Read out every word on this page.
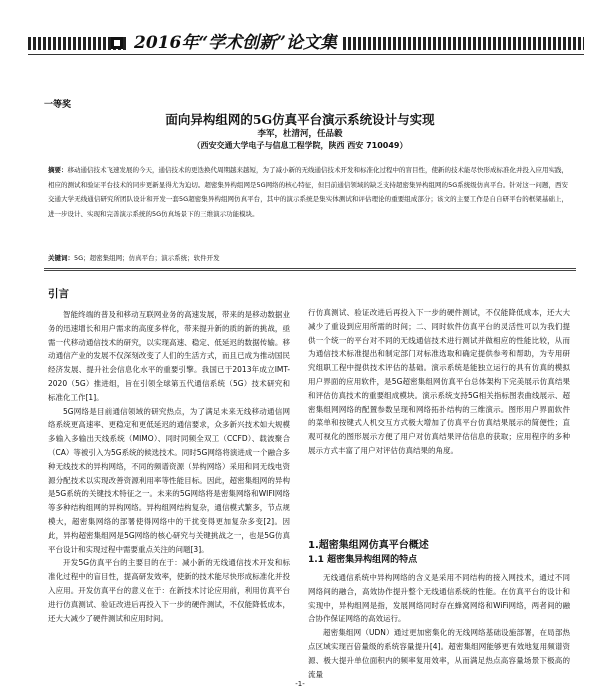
2016年“学术创新”论文集
一等奖
面向异构组网的5G仿真平台演示系统设计与实现
李军，杜清河，任品毅
（西安交通大学电子与信息工程学院，陕西 西安 710049）
摘要：移动通信技术飞速发展的今天，通信技术的更迭换代周期越来越短，为了减小新的无线通信技术开发和标准化过程中的盲目性，使新的技术能尽快形成标准化并投入应用实践，相应的测试和验证平台技术的同步更新显得尤为迫切。超密集异构组网是5G网络的核心特征，但目前通信领域的缺乏支持超密集异构组网的5G系统级仿真平台。针对这一问题，西安交通大学无线通信研究所团队设计和开发一套5G超密集异构组网仿真平台，其中的演示系统是集实体测试和评估理论的重要组成部分；该文的主要工作是自自研平台的框架基础上，进一步设计、实现和完善演示系统的5G仿真场景下的三维演示功能模块。
关键词：5G；超密集组网；仿真平台；演示系统；软件开发
引言

智能终端的普及和移动互联网业务的高速发展，带来的是移动数据业务的迅速增长和用户需求的高度多样化，带来提升新的质的新的挑战，亟需一代移动通信技术的研究，以实现高速、稳定、低延迟的数据传输。移动通信产业的发展不仅深刻改变了人们的生活方式，而且已成为推动国民经济发展、提升社会信息化水平的重要引擎。我国已于2013年成立IMT-2020（5G）推进组，旨在引领全球第五代通信系统（5G）技术研究和标准化工作[1]。

5G网络是目前通信领域的研究热点，为了满足未来无线移动通信网络系统更高速率、更稳定和更低延迟的通信要求，众多新兴技术如大规模多输入多输出天线系统（MIMO）、同时同频全双工（CCFD）、载波聚合（CA）等被引入为5G系统的候选技术。同时5G网络将演进成一个融合多种无线技术的异构网络，不同的频谱资源（异构网络）采用和同无线电资源分配技术以实现改善资源利用率等性能目标。因此，超密集组网的异构是5G系统的关键技术特征之一。未来的5G网络将是密集网络和WIFI网络等多种结构组网的异构网络。异构组网结构复杂，通信模式繁多，节点规模大，超密集网络的部署使得网络中的干扰变得更加复杂多变[2]。因此，异构超密集组网是5G网络的核心研究与关键挑战之一，也是5G仿真平台设计和实现过程中需要重点关注的问题[3]。

开发5G仿真平台的主要目的在于：减小新的无线通信技术开发和标准化过程中的盲目性，提高研发效率，使新的技术能尽快形成标准化并投入应用。开发仿真平台的意义在于：在新技术讨论应用前，利用仿真平台进行仿真测试、验证改进后再投入下一步的硬件测试，不仅能降低成本，还大大减少了硬件测试和应用时间。

行仿真测试、验证改进后再投入下一步的硬件测试，不仅能降低成本，还大大减少了重设到应用所需的时间；二、同时软件仿真平台的灵活性可以为我们提供一个统一的平台对不同的无线通信技术进行测试并做相应的性能比较，从而为通信技术标准提出和制定部门对标准选取和确定提供参考和帮助，为专用研究组职工程中提供技术评估的基础。演示系统是能独立运行的具有仿真的模拟用户界面的应用软件，是5G超密集组网仿真平台总体架构下完美展示仿真结果和评估仿真技术的重要组成模块。演示系统支持5G相关指标图表曲线展示、超密集组网网络的配置参数呈现和网络拓扑结构的三维演示。图形用户界面软件的菜单和按键式人机交互方式极大增加了仿真平台仿真结果展示的简便性；直观可视化的图形展示方便了用户对仿真结果评估信息的获取；应用程序的多种展示方式丰富了用户对评估仿真结果的角度。

1.超密集组网仿真平台概述
1.1 超密集异构组网的特点

无线通信系统中异构网络的含义是采用不同结构的接入网技术，通过不同网络间的融合，高效协作提升整个无线通信系统的性能。在仿真平台的设计和实现中，异构组网是指，发展网络同时存在蜂窝网络和WiFi网络，两者间的融合协作保证网络的高效运行。

超密集组网（UDN）通过更加密集化的无线网络基础设施部署，在局部热点区域实现百倍量级的系统容量提升[4]。超密集组网能够更有效地复用频谱资源、极大提升单位面积内的频率复用效率，从而满足热点高容量场景下极高的流量

-1-
